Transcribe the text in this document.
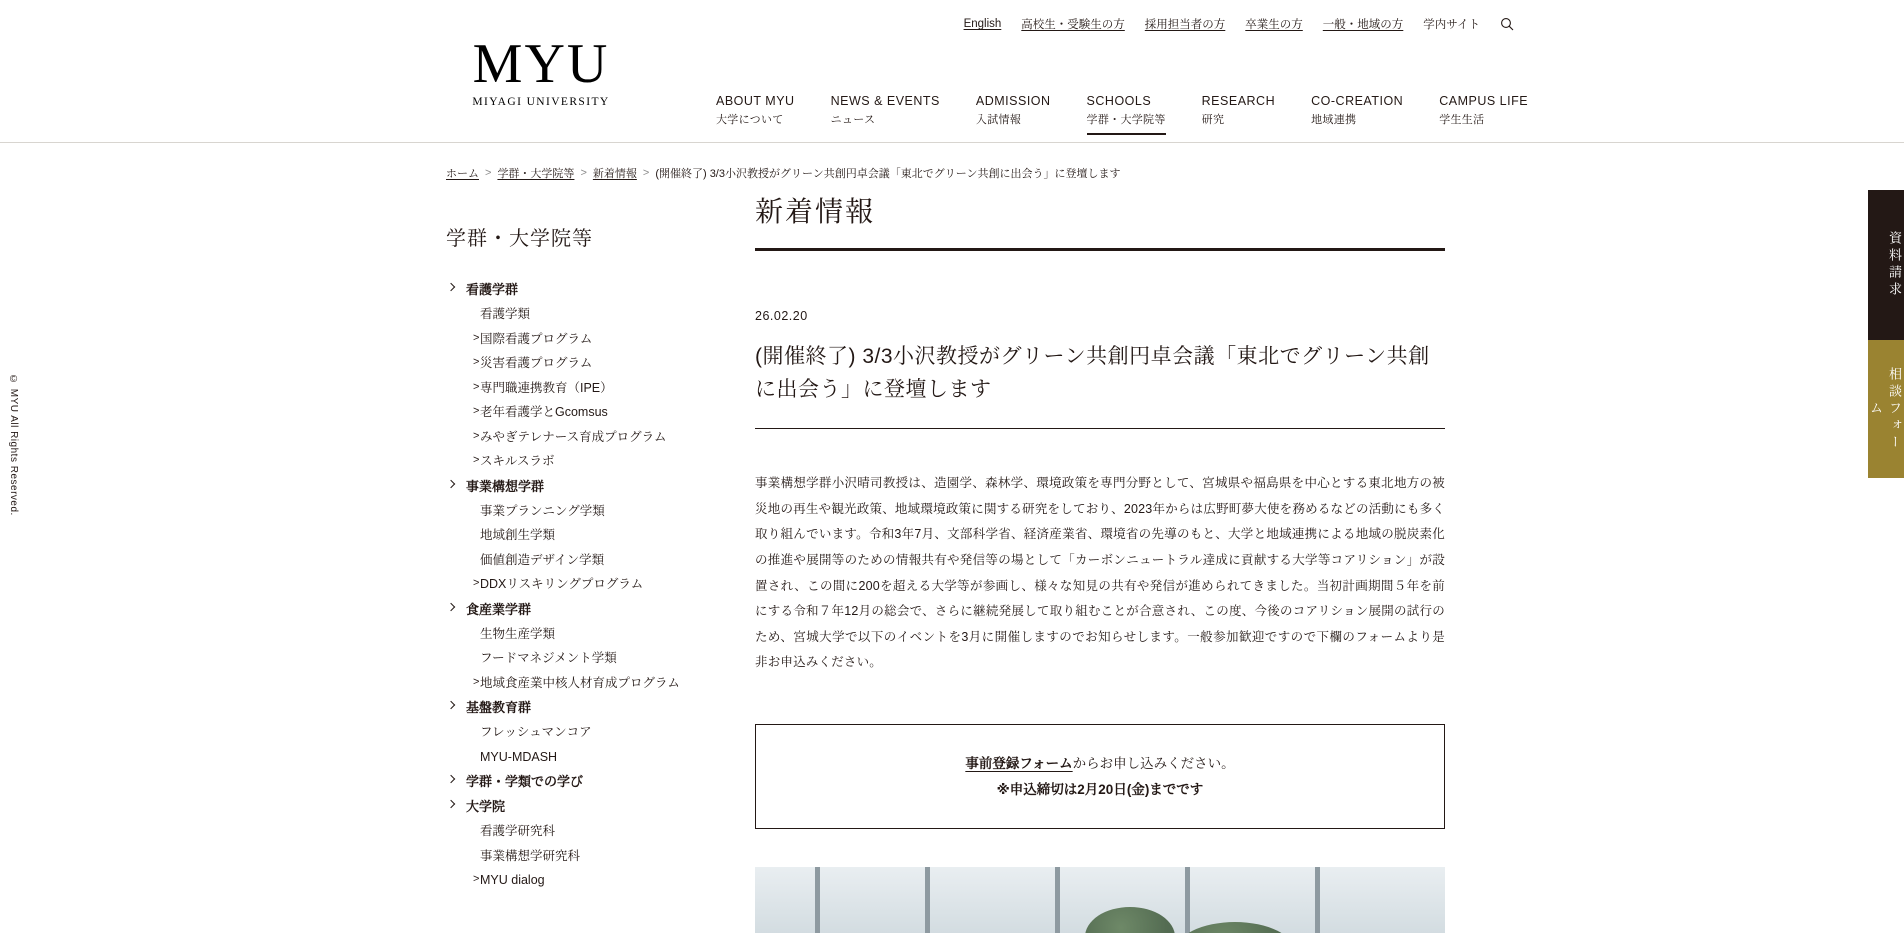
English 高校生・受験生の方 採用担当者の方 卒業生の方 一般・地域の方 学内サイト
MYU MIYAGI UNIVERSITY	ABOUT MYU
大学について
NEWS & EVENTS
ニュース
ADMISSION
入試情報
SCHOOLS
学群・大学院等
RESEARCH
研究
CO-CREATION
地域連携
CAMPUS LIFE
学生生活
ホーム > 学群・大学院等 > 新着情報 > (開催終了) 3/3小沢教授がグリーン共創円卓会議「東北でグリーン共創に出会う」に登壇します
学群・大学院等
看護学群
看護学類
> 国際看護プログラム
> 災害看護プログラム
> 専門職連携教育（IPE）
> 老年看護学とGcomsus
> みやぎテレナース育成プログラム
> スキルスラボ
事業構想学群
事業プランニング学類
地域創生学類
価値創造デザイン学類
> DDXリスキリングプログラム
食産業学群
生物生産学類
フードマネジメント学類
> 地域食産業中核人材育成プログラム
基盤教育群
フレッシュマンコア
MYU-MDASH
学群・学類での学び
大学院
看護学研究科
事業構想学研究科
> MYU dialog
新着情報
26.02.20
(開催終了) 3/3小沢教授がグリーン共創円卓会議「東北でグリーン共創に出会う」に登壇します

事業構想学群小沢晴司教授は、造園学、森林学、環境政策を専門分野として、宮城県や福島県を中心とする東北地方の被災地の再生や観光政策、地域環境政策に関する研究をしており、2023年からは広野町夢大使を務めるなどの活動にも多く取り組んでいます。令和3年7月、文部科学省、経済産業省、環境省の先導のもと、大学と地域連携による地域の脱炭素化の推進や展開等のための情報共有や発信等の場として「カーボンニュートラル達成に貢献する大学等コアリション」が設置され、この間に200を超える大学等が参画し、様々な知見の共有や発信が進められてきました。当初計画期間５年を前にする令和７年12月の総会で、さらに継続発展して取り組むことが合意され、この度、今後のコアリション展開の試行のため、宮城大学で以下のイベントを3月に開催しますのでお知らせします。一般参加歓迎ですので下欄のフォームより是非お申込みください。

事前登録フォームからお申し込みください。
※申込締切は2月20日(金)までです
資料請求
相談フォーム
© MYU All Rights Reserved.
